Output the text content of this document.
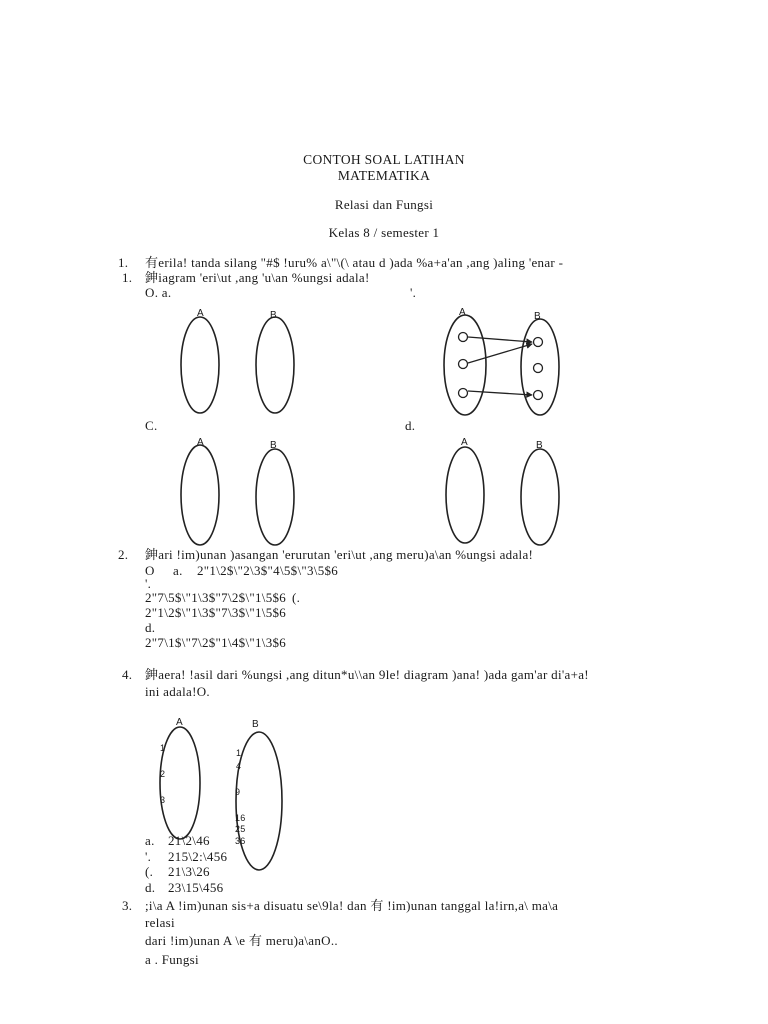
CONTOH SOAL LATIHAN
MATEMATIKA
Relasi dan Fungsi
Kelas 8 / semester 1
1. 有erila! tanda silang "#$ !uru% a\"\(\ atau d )ada %a+a'an ,ang )aling 'enar -
1. 鉮iagram 'eri\ut ,ang 'u\an %ungsi adala!
O. a.	'.
A	B	A	B
C.	d.
A	B	A	B
2. 鉮ari !im)unan )asangan 'erurutan 'eri\ut ,ang meru)a\an %ungsi adala!
O a. 2"1\2$\"2\3$"4\5$\"3\5$6
'.
2"7\5$\"1\3$"7\2$\"1\5$6 (.
2"1\2$\"1\3$"7\3$\"1\5$6
d.
2"7\1$\"7\2$"1\4$\"1\3$6
4. 鉮aera! !asil dari %ungsi ,ang ditun*u\\an 9le! diagram )ana! )ada gam'ar di'a+a!
ini adala!O.
A	B
1
2
3
1
4
9
16
25
36
a. 21\2\46
'. 215\2:\456
(. 21\3\26
d. 23\15\456
3. ;i\a A !im)unan sis+a disuatu se\9la! dan 有 !im)unan tanggal la!irn,a\ ma\a
relasi
dari !im)unan A \e 有 meru)a\anO..
a . Fungsi
